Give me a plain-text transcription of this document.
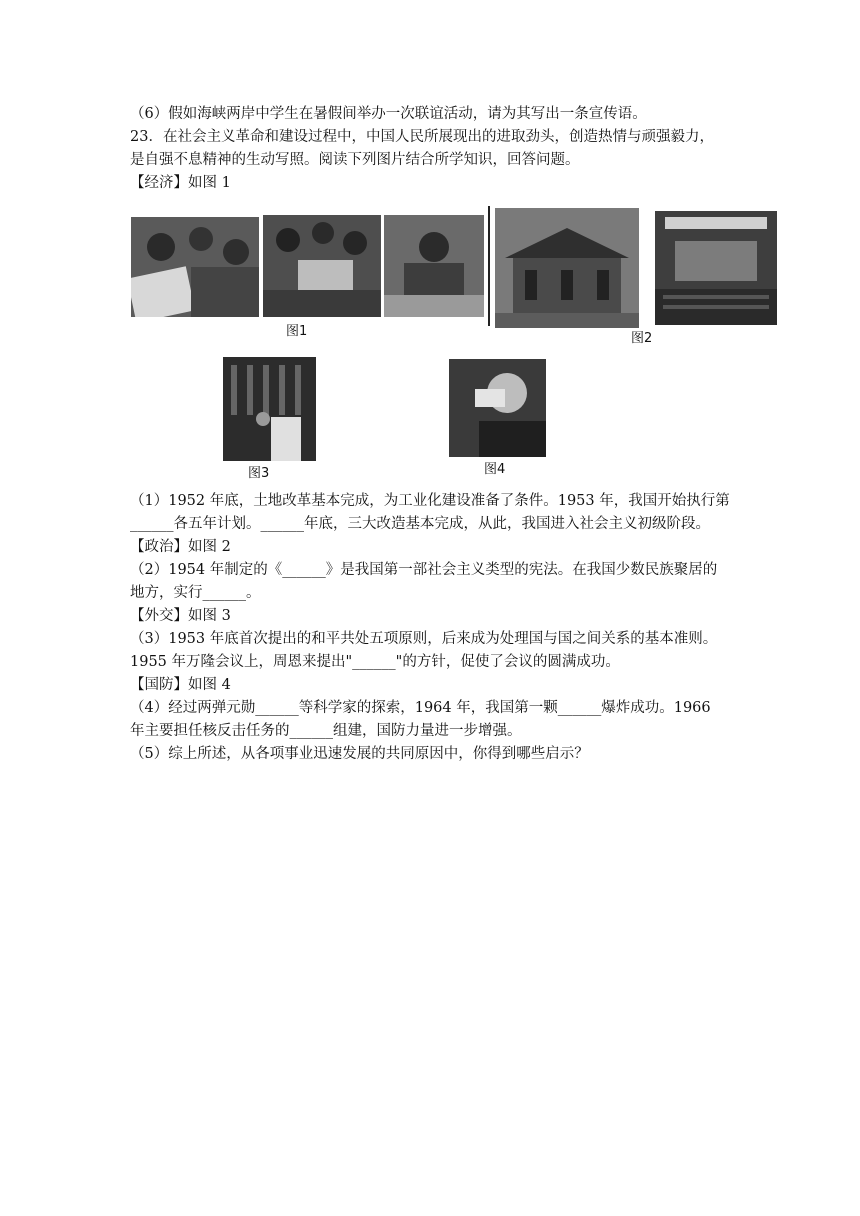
（6）假如海峡两岸中学生在暑假间举办一次联谊活动，请为其写出一条宣传语。
23．在社会主义革命和建设过程中，中国人民所展现出的进取劲头，创造热情与顽强毅力，
是自强不息精神的生动写照。阅读下列图片结合所学知识，回答问题。
【经济】如图 1
图1	图2
图3	图4
（1）1952 年底，土地改革基本完成，为工业化建设准备了条件。1953 年，我国开始执行第
______各五年计划。______年底，三大改造基本完成，从此，我国进入社会主义初级阶段。
【政治】如图 2
（2）1954 年制定的《______》是我国第一部社会主义类型的宪法。在我国少数民族聚居的
地方，实行______。
【外交】如图 3
（3）1953 年底首次提出的和平共处五项原则，后来成为处理国与国之间关系的基本准则。
1955 年万隆会议上，周恩来提出"______"的方针，促使了会议的圆满成功。
【国防】如图 4
（4）经过两弹元勋______等科学家的探索，1964 年，我国第一颗______爆炸成功。1966
年主要担任核反击任务的______组建，国防力量进一步增强。
（5）综上所述，从各项事业迅速发展的共同原因中，你得到哪些启示？
